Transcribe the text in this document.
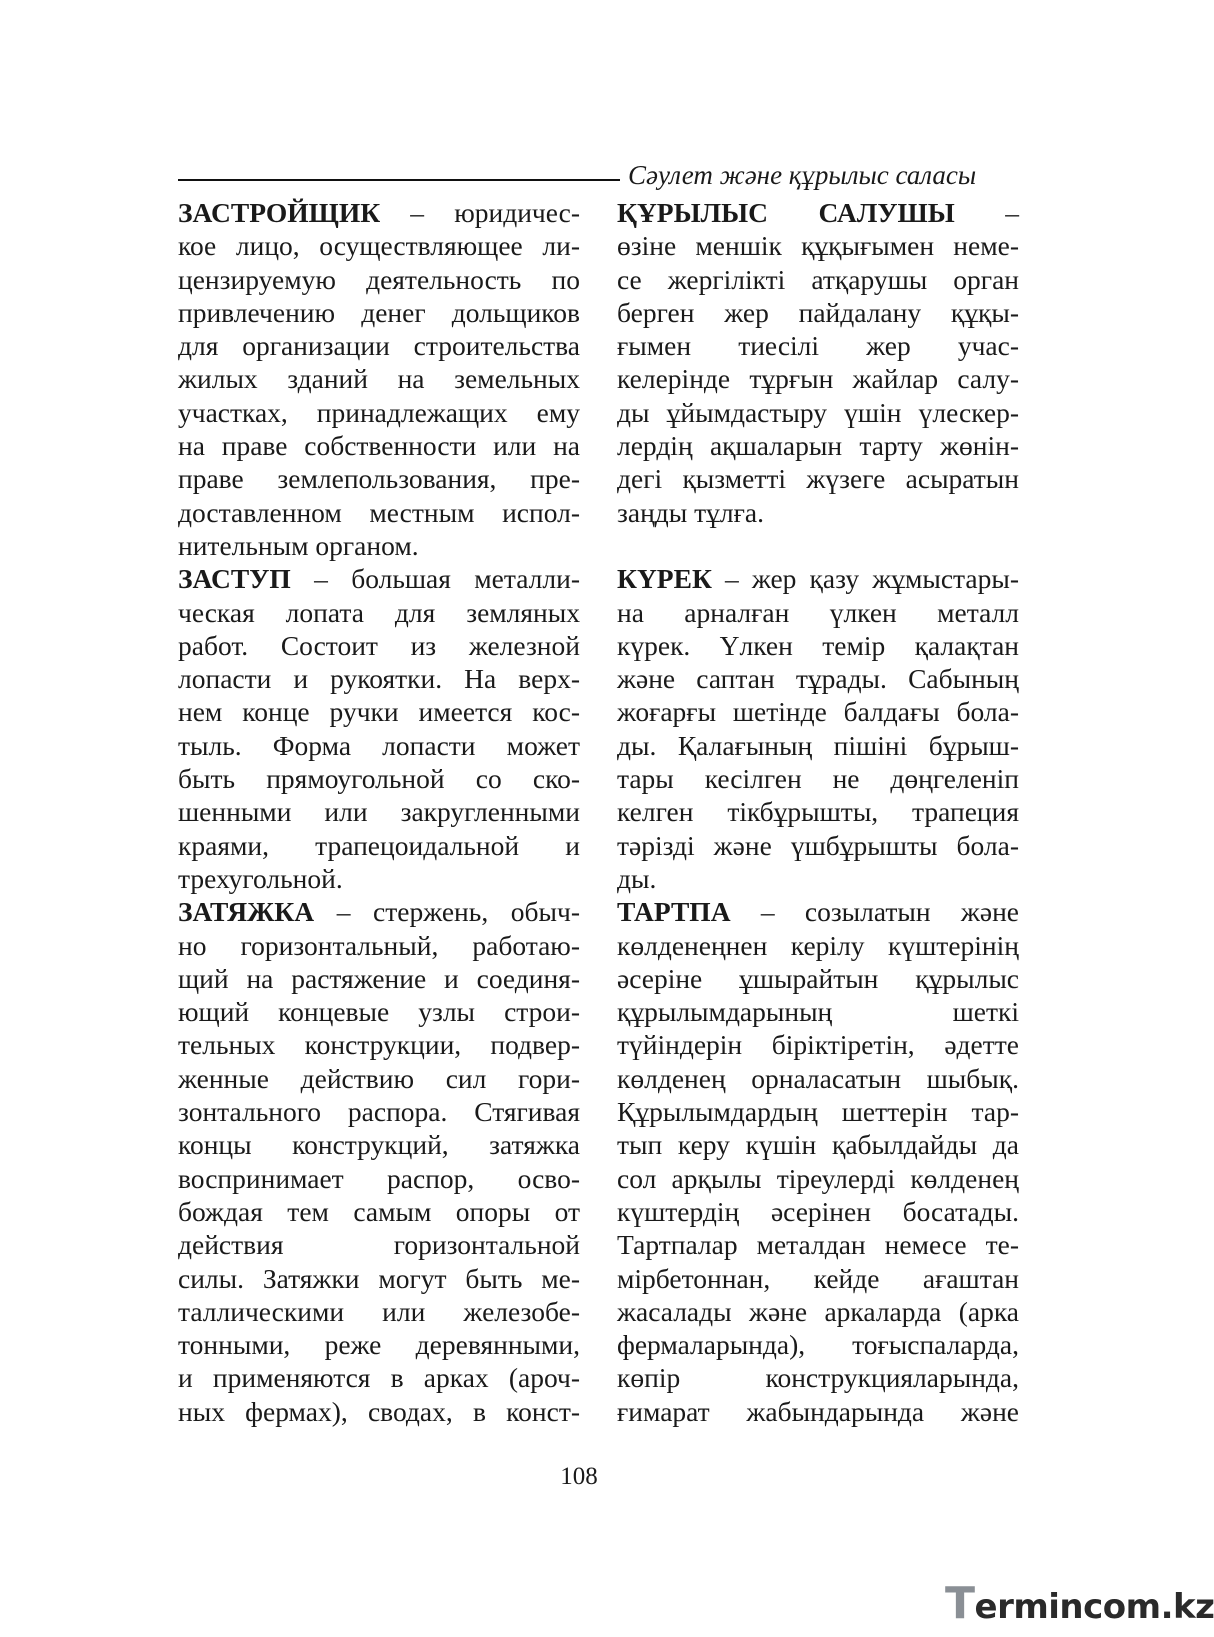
Сәулет және құрылыс саласы
ЗАСТРОЙЩИК – юридичес-
кое лицо, осуществляющее ли-
цензируемую деятельность по
привлечению денег дольщиков
для организации строительства
жилых зданий на земельных
участках, принадлежащих ему
на праве собственности или на
праве землепользования, пре-
доставленном местным испол-
нительным органом.
ЗАСТУП – большая металли-
ческая лопата для земляных
работ. Состоит из железной
лопасти и рукоятки. На верх-
нем конце ручки имеется кос-
тыль. Форма лопасти может
быть прямоугольной со ско-
шенными или закругленными
краями, трапецоидальной и
трехугольной.
ЗАТЯЖКА – стержень, обыч-
но горизонтальный, работаю-
щий на растяжение и соединя-
ющий концевые узлы строи-
тельных конструкции, подвер-
женные действию сил гори-
зонтального распора. Стягивая
концы конструкций, затяжка
воспринимает распор, осво-
бождая тем самым опоры от
действия горизонтальной
силы. Затяжки могут быть ме-
таллическими или железобе-
тонными, реже деревянными,
и применяются в арках (aроч-
ных фермах), сводах, в конст-
ҚҰРЫЛЫС САЛУШЫ –
өзіне меншік құқығымен неме-
се жергілікті атқарушы орган
берген жер пайдалану құқы-
ғымен тиесілі жер учас-
келерінде тұрғын жайлар салу-
ды ұйымдастыру үшін үлескер-
лердің ақшаларын тарту жөнін-
дегі қызметті жүзеге асыратын
заңды тұлға.
КҮРЕК – жер қазу жұмыстары-
на арналған үлкен металл
күрек. Үлкен темір қалақтан
және саптан тұрады. Сабының
жоғарғы шетінде балдағы бола-
ды. Қалағының пішіні бұрыш-
тары кесілген не дөңгеленіп
келген тікбұрышты, трапеция
тәрізді және үшбұрышты бола-
ды.
ТАРТПА – созылатын және
көлденеңнен керілу күштерінің
әсеріне ұшырайтын құрылыс
құрылымдарының шеткі
түйіндерін біріктіретін, әдетте
көлденең орналасатын шыбық.
Құрылымдардың шеттерін тар-
тып керу күшін қабылдайды да
сол арқылы тіреулерді көлденең
күштердің әсерінен босатады.
Тартпалар металдан немесе те-
мірбетоннан, кейде ағаштан
жасалады және аркаларда (арка
фермаларында), тоғыспаларда,
көпір конструкцияларында,
ғимарат жабындарында және
108
Termincom.kz
